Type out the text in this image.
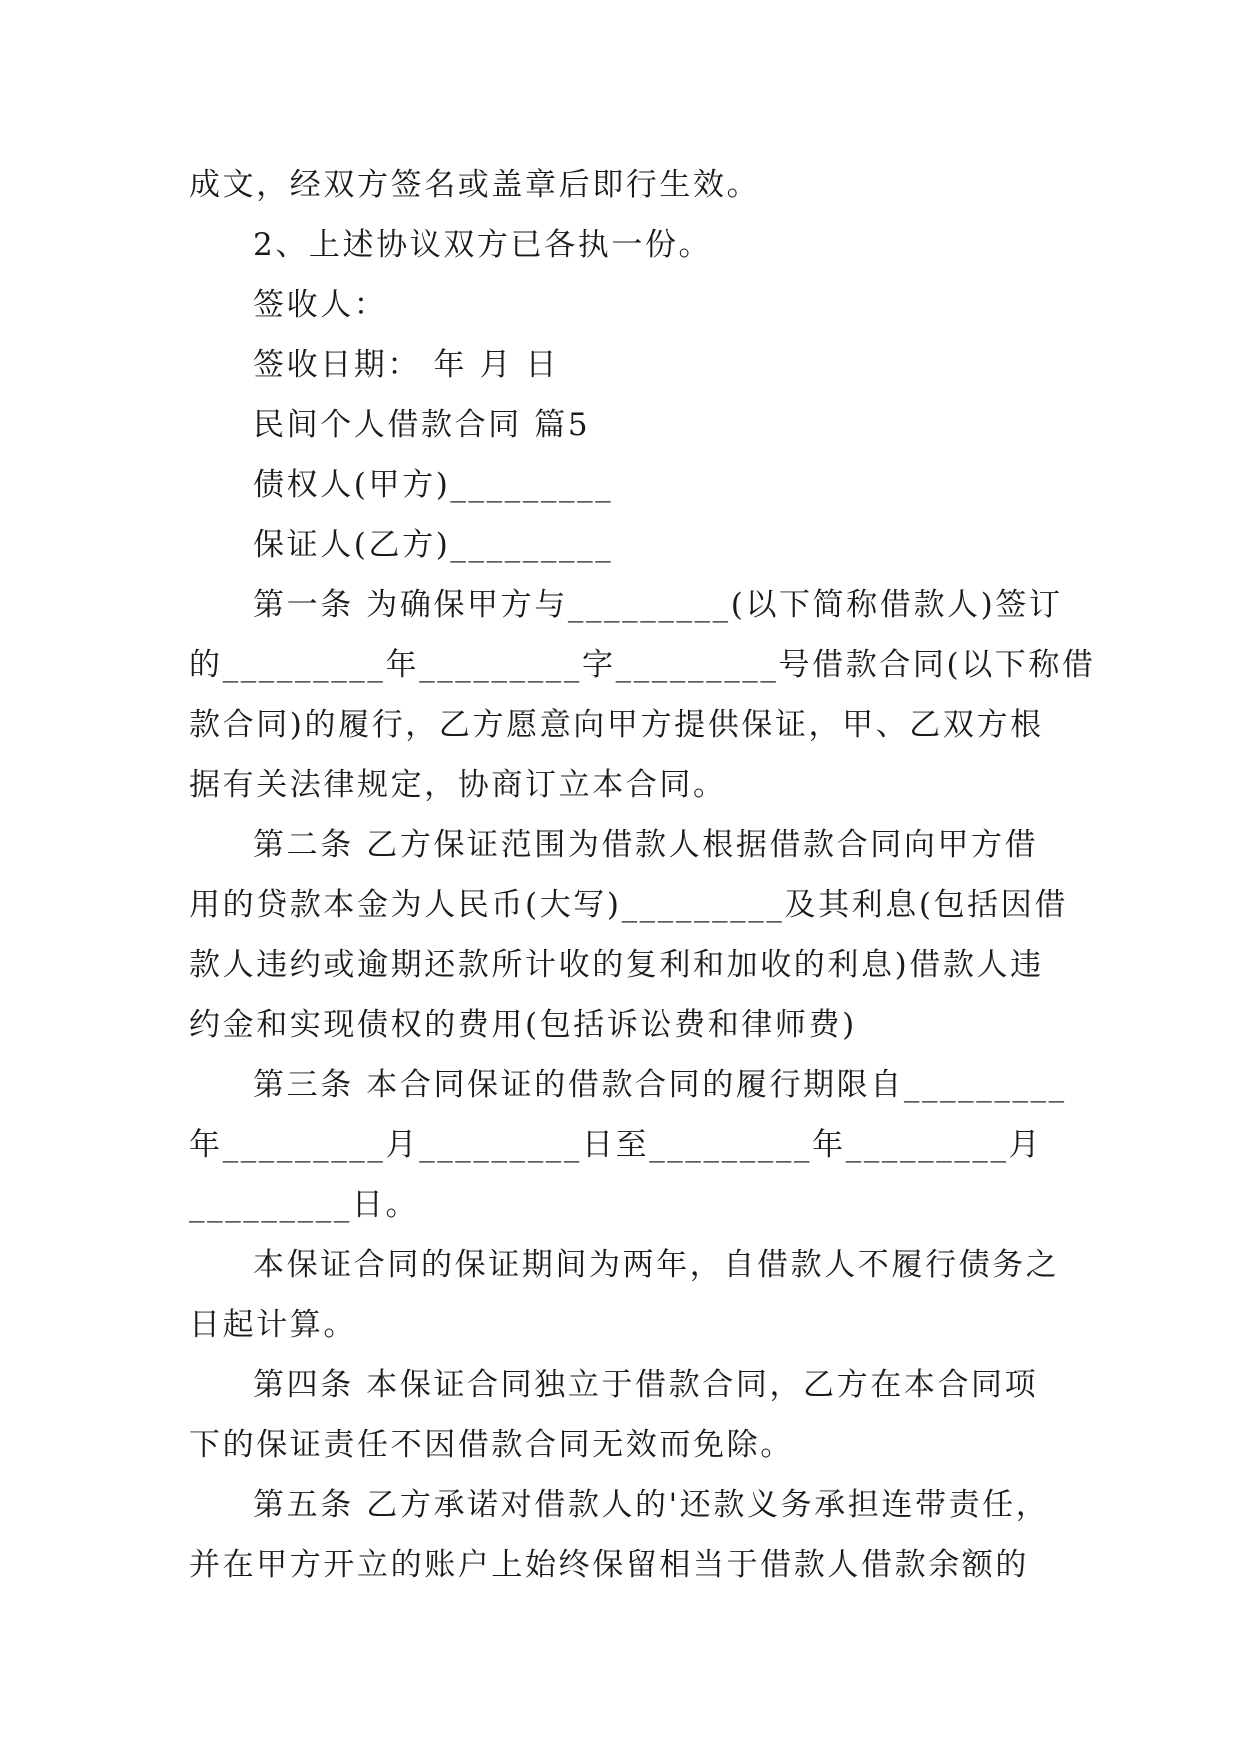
成文，经双方签名或盖章后即行生效。
2、上述协议双方已各执一份。
签收人：
签收日期： 年 月 日
民间个人借款合同 篇5
债权人(甲方)_________
保证人(乙方)_________
第一条 为确保甲方与_________(以下简称借款人)签订
的_________年_________字_________号借款合同(以下称借
款合同)的履行，乙方愿意向甲方提供保证，甲、乙双方根
据有关法律规定，协商订立本合同。
第二条 乙方保证范围为借款人根据借款合同向甲方借
用的贷款本金为人民币(大写)_________及其利息(包括因借
款人违约或逾期还款所计收的复利和加收的利息)借款人违
约金和实现债权的费用(包括诉讼费和律师费)
第三条 本合同保证的借款合同的履行期限自_________
年_________月_________日至_________年_________月
_________日。
本保证合同的保证期间为两年，自借款人不履行债务之
日起计算。
第四条 本保证合同独立于借款合同，乙方在本合同项
下的保证责任不因借款合同无效而免除。
第五条 乙方承诺对借款人的'还款义务承担连带责任，
并在甲方开立的账户上始终保留相当于借款人借款余额的
